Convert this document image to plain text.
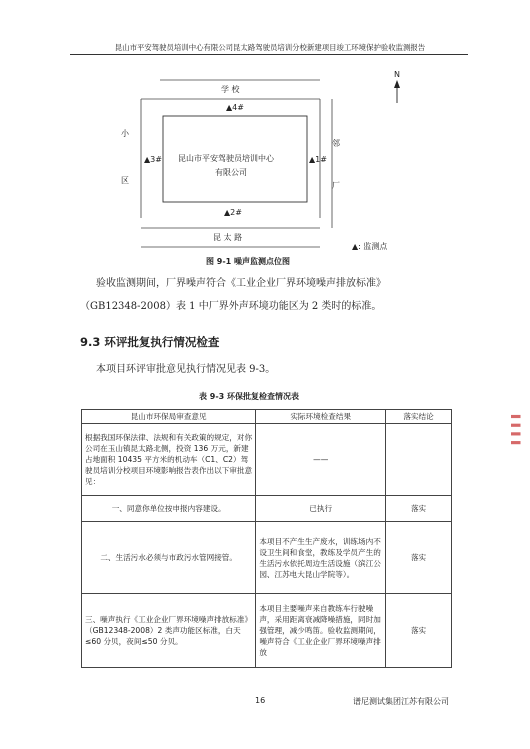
昆山市平安驾驶员培训中心有限公司昆太路驾驶员培训分校新建项目竣工环境保护验收监测报告
N
学 校
▲4#
小
区
▲3# 昆山市平安驾驶员培训中心
有限公司
▲1#
邻
厂
▲2#
昆 太 路
▲: 监测点
图 9-1 噪声监测点位图
验收监测期间，厂界噪声符合《工业企业厂界环境噪声排放标准》
（GB12348-2008）表 1 中厂界外声环境功能区为 2 类时的标准。
9.3 环评批复执行情况检查
本项目环评审批意见执行情况见表 9-3。
表 9-3 环保批复检查情况表
昆山市环保局审查意见	实际环境检查结果	落实结论
根据我国环保法律、法规和有关政策的规定，对你公司在玉山镇昆太路北侧，投资 136 万元，新建占地面积 10435 平方米的机动车（C1、C2）驾驶员培训分校项目环境影响报告表作出以下审批意见：	——	
一、同意你单位按申报内容建设。	已执行	落实
二、生活污水必须与市政污水管网接管。	本项目不产生生产废水，训练场内不设卫生间和食堂，教练及学员产生的生活污水依托周边生活设施（滨江公园、江苏电大昆山学院等）。	落实
三、噪声执行《工业企业厂界环境噪声排放标准》（GB12348-2008）2 类声功能区标准，白天≤60 分贝，夜间≤50 分贝。	本项目主要噪声来自教练车行驶噪声，采用距离衰减降噪措施，同时加强管理，减少鸣笛。验收监测期间，噪声符合《工业企业厂界环境噪声排放	落实
▌ ▌ ▌ ▌
16	谱尼测试集团江苏有限公司
